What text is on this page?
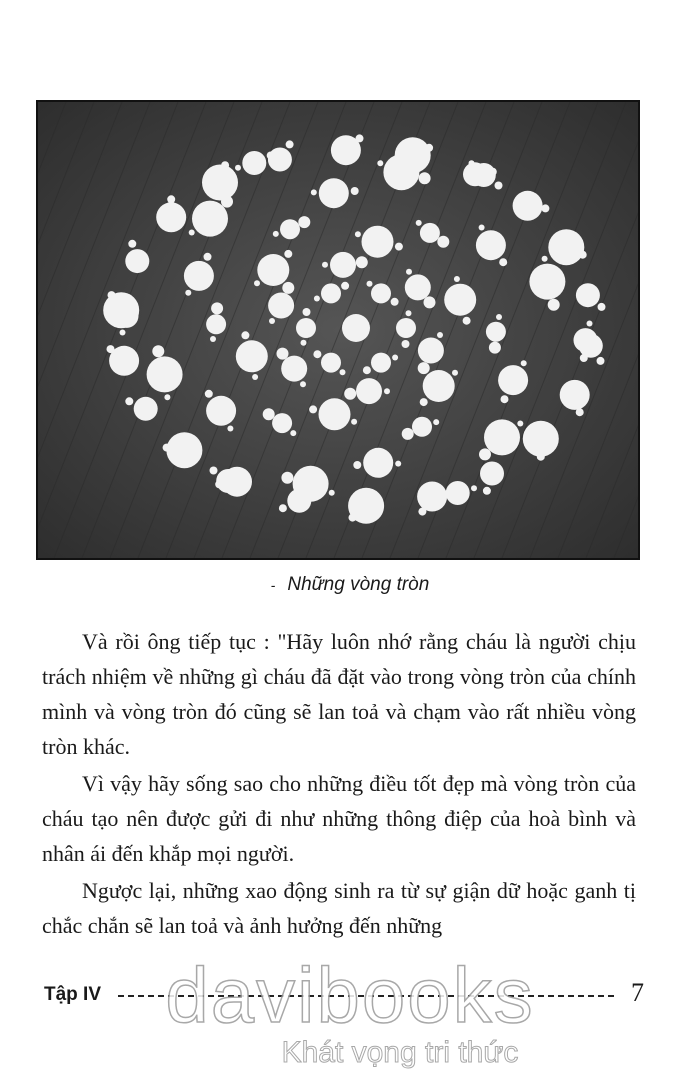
- Những vòng tròn

Và rồi ông tiếp tục : "Hãy luôn nhớ rằng cháu là người chịu trách nhiệm về những gì cháu đã đặt vào trong vòng tròn của chính mình và vòng tròn đó cũng sẽ lan toả và chạm vào rất nhiều vòng tròn khác.

Vì vậy hãy sống sao cho những điều tốt đẹp mà vòng tròn của cháu tạo nên được gửi đi như những thông điệp của hoà bình và nhân ái đến khắp mọi người.

Ngược lại, những xao động sinh ra từ sự giận dữ hoặc ganh tị chắc chắn sẽ lan toả và ảnh hưởng đến những

Tập IV	7
davibooks
Khát vọng tri thức
